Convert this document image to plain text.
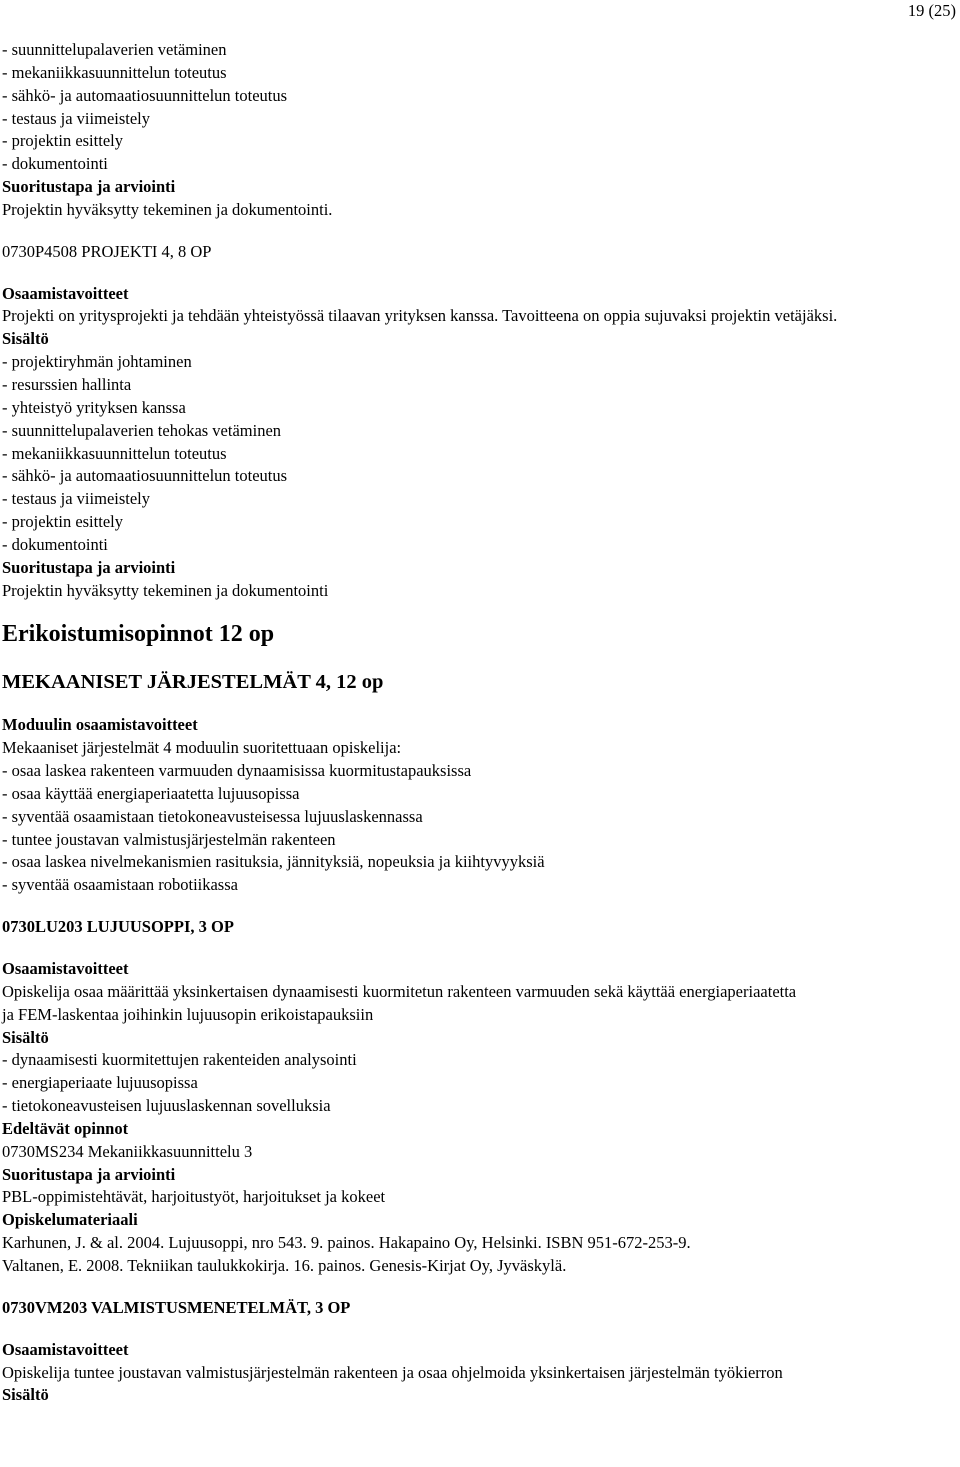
19 (25)
- suunnittelupalaverien vetäminen
- mekaniikkasuunnittelun toteutus
- sähkö- ja automaatiosuunnittelun toteutus
- testaus ja viimeistely
- projektin esittely
- dokumentointi
Suoritustapa ja arviointi
Projektin hyväksytty tekeminen ja dokumentointi.
0730P4508 PROJEKTI 4, 8 OP
Osaamistavoitteet
Projekti on yritysprojekti ja tehdään yhteistyössä tilaavan yrityksen kanssa. Tavoitteena on oppia sujuvaksi projektin vetäjäksi.
Sisältö
- projektiryhmän johtaminen
- resurssien hallinta
- yhteistyö yrityksen kanssa
- suunnittelupalaverien tehokas vetäminen
- mekaniikkasuunnittelun toteutus
- sähkö- ja automaatiosuunnittelun toteutus
- testaus ja viimeistely
- projektin esittely
- dokumentointi
Suoritustapa ja arviointi
Projektin hyväksytty tekeminen ja dokumentointi
Erikoistumisopinnot 12 op
MEKAANISET JÄRJESTELMÄT 4, 12 op
Moduulin osaamistavoitteet
Mekaaniset järjestelmät 4 moduulin suoritettuaan opiskelija:
- osaa laskea rakenteen varmuuden dynaamisissa kuormitustapauksissa
- osaa käyttää energiaperiaatetta lujuusopissa
- syventää osaamistaan tietokoneavusteisessa lujuuslaskennassa
- tuntee joustavan valmistusjärjestelmän rakenteen
- osaa laskea nivelmekanismien rasituksia, jännityksiä, nopeuksia ja kiihtyvyyksiä
- syventää osaamistaan robotiikassa
0730LU203 LUJUUSOPPI, 3 OP
Osaamistavoitteet
Opiskelija osaa määrittää yksinkertaisen dynaamisesti kuormitetun rakenteen varmuuden sekä käyttää energiaperiaatetta
ja FEM-laskentaa joihinkin lujuusopin erikoistapauksiin
Sisältö
- dynaamisesti kuormitettujen rakenteiden analysointi
- energiaperiaate lujuusopissa
- tietokoneavusteisen lujuuslaskennan sovelluksia
Edeltävät opinnot
0730MS234 Mekaniikkasuunnittelu 3
Suoritustapa ja arviointi
PBL-oppimistehtävät, harjoitustyöt, harjoitukset ja kokeet
Opiskelumateriaali
Karhunen, J. & al. 2004. Lujuusoppi, nro 543. 9. painos. Hakapaino Oy, Helsinki. ISBN 951-672-253-9.
Valtanen, E. 2008. Tekniikan taulukkokirja. 16. painos. Genesis-Kirjat Oy, Jyväskylä.
0730VM203 VALMISTUSMENETELMÄT, 3 OP
Osaamistavoitteet
Opiskelija tuntee joustavan valmistusjärjestelmän rakenteen ja osaa ohjelmoida yksinkertaisen järjestelmän työkierron
Sisältö
